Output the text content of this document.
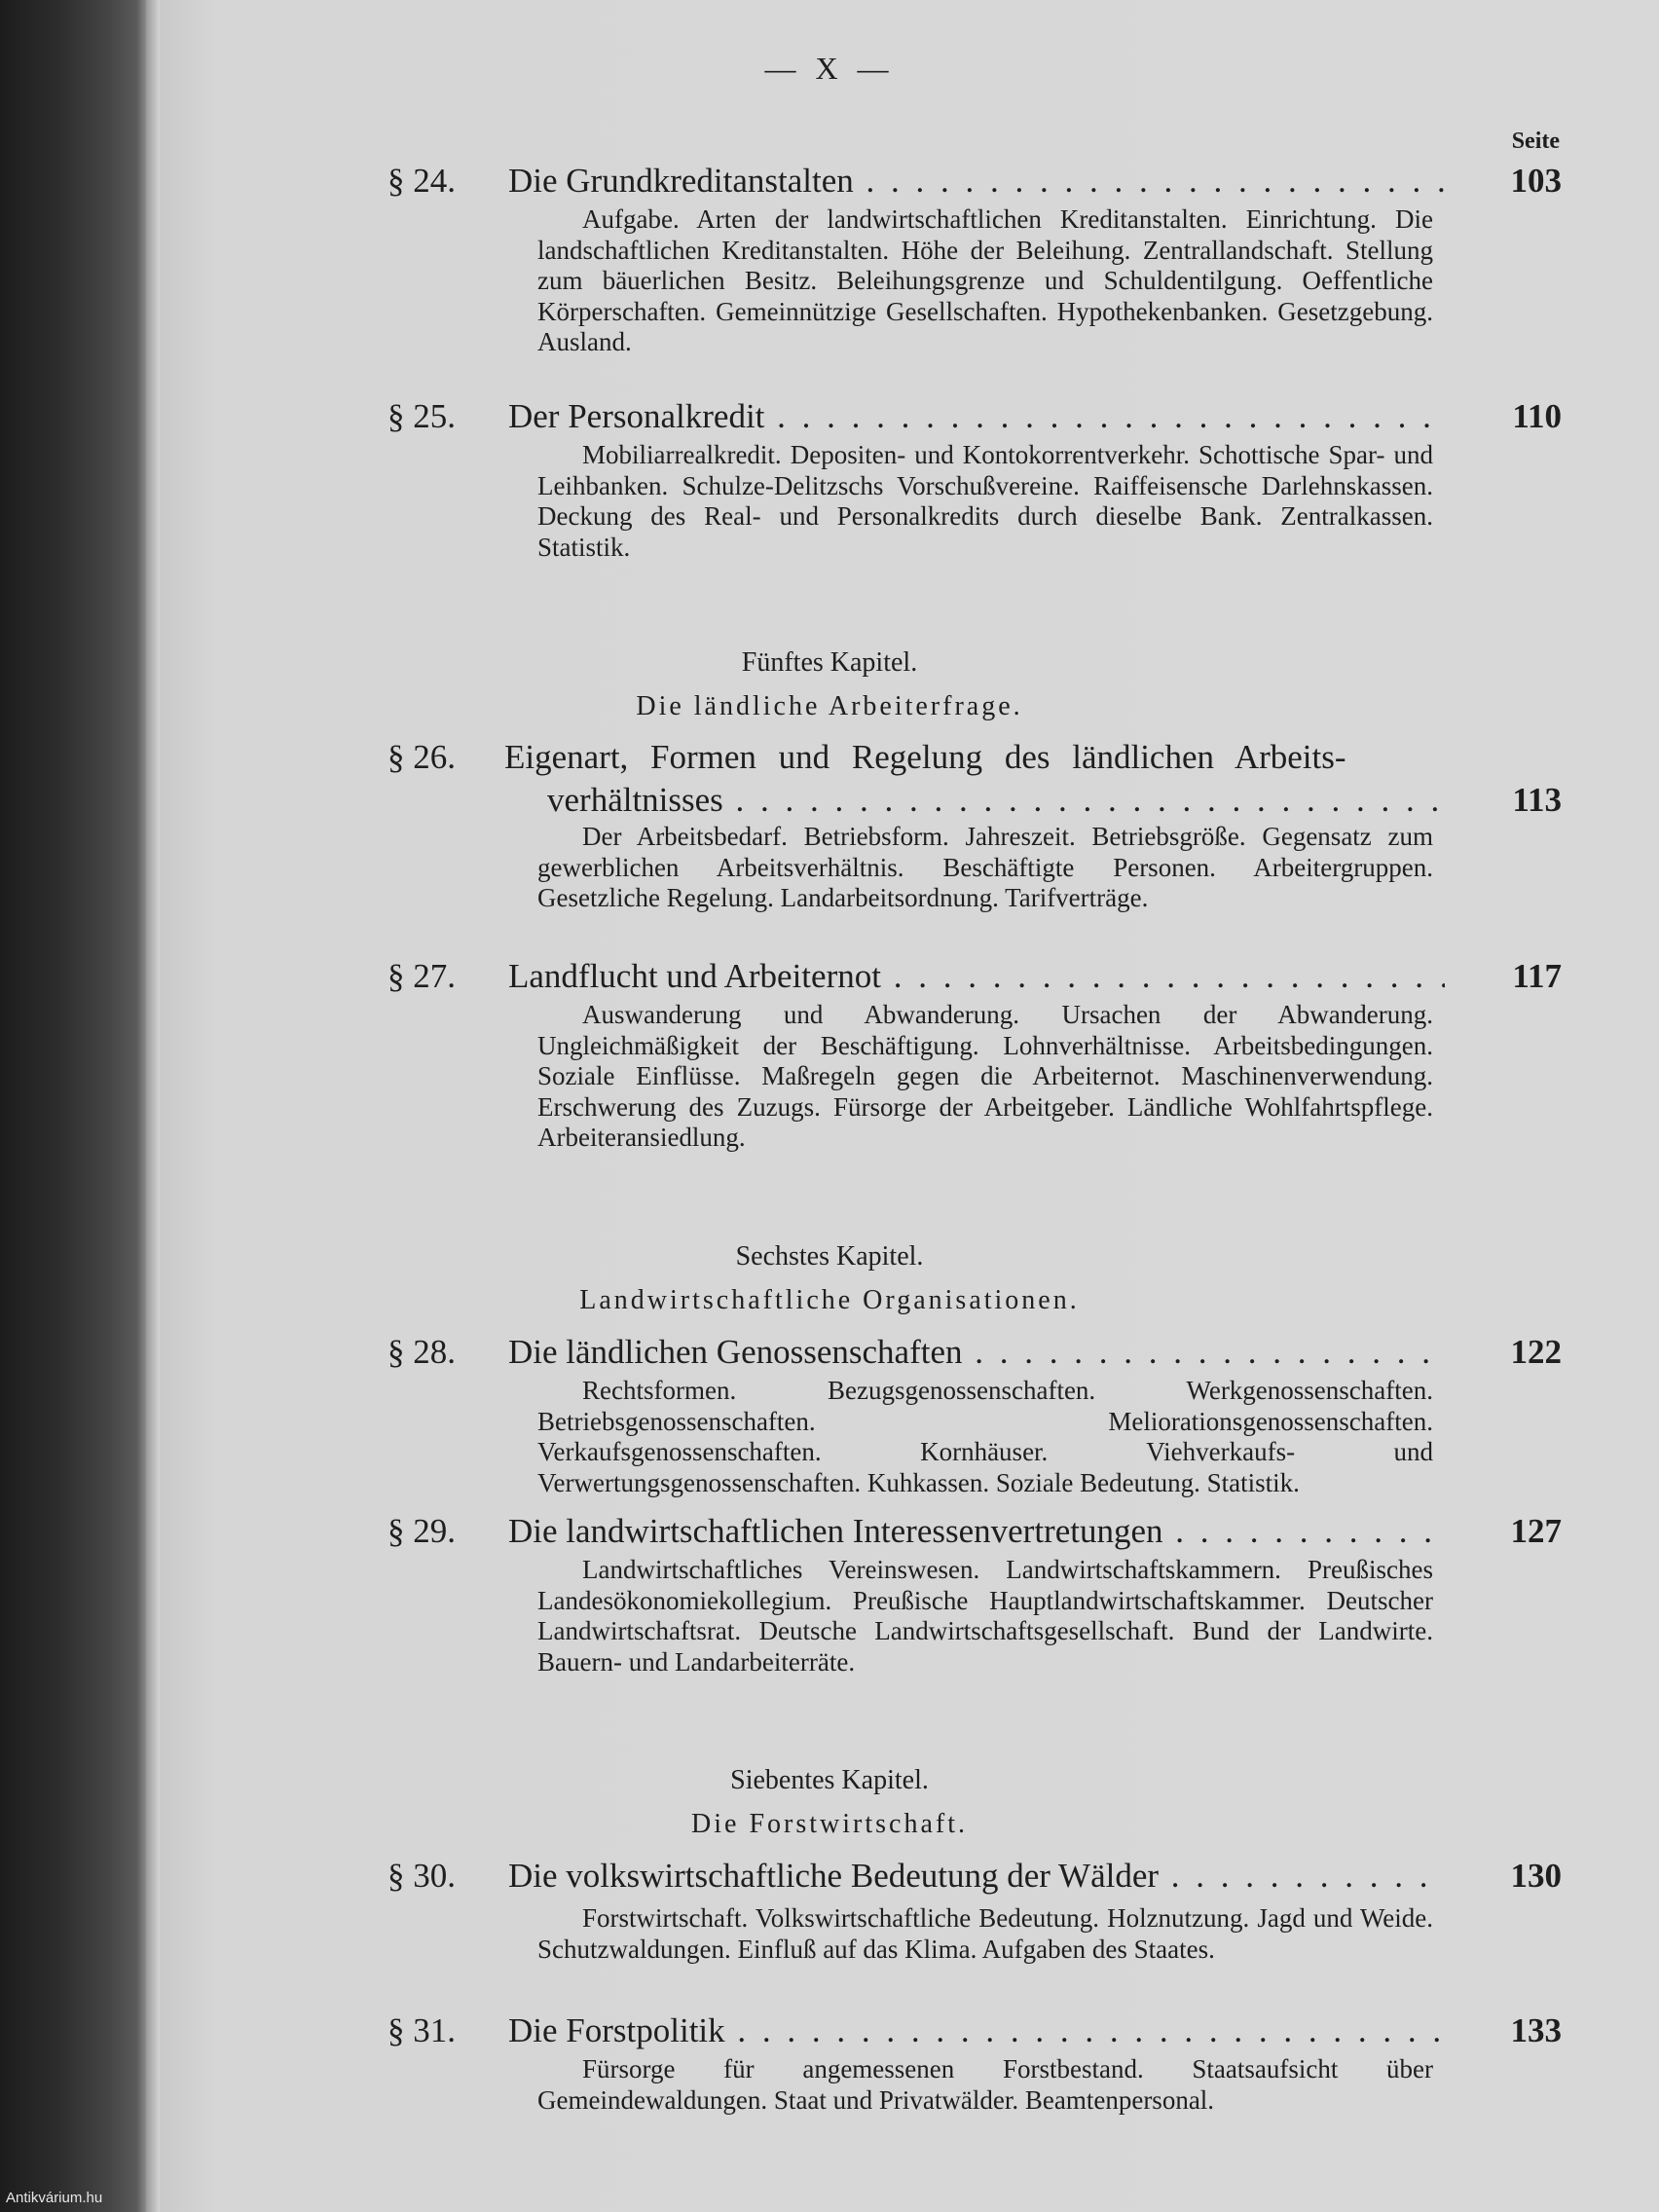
— X —
Seite
§ 24. Die Grundkreditanstalten . . .	103

Aufgabe. Arten der landwirtschaftlichen Kreditanstalten. Einrichtung. Die landschaftlichen Kreditanstalten. Höhe der Beleihung. Zentrallandschaft. Stellung zum bäuerlichen Besitz. Beleihungsgrenze und Schuldentilgung. Oeffentliche Körperschaften. Gemeinnützige Gesellschaften. Hypothekenbanken. Gesetzgebung. Ausland.

§ 25. Der Personalkredit . . .	110

Mobiliarrealkredit. Depositen- und Kontokorrentverkehr. Schottische Spar- und Leihbanken. Schulze-Delitzschs Vorschußvereine. Raiffeisensche Darlehnskassen. Deckung des Real- und Personalkredits durch dieselbe Bank. Zentralkassen. Statistik.

Fünftes Kapitel.
Die ländliche Arbeiterfrage.
§ 26. Eigenart, Formen und Regelung des ländlichen Arbeits-
verhältnisses . . .	113

Der Arbeitsbedarf. Betriebsform. Jahreszeit. Betriebsgröße. Gegensatz zum gewerblichen Arbeitsverhältnis. Beschäftigte Personen. Arbeitergruppen. Gesetzliche Regelung. Landarbeitsordnung. Tarifverträge.

§ 27. Landflucht und Arbeiternot . . .	117

Auswanderung und Abwanderung. Ursachen der Abwanderung. Ungleichmäßigkeit der Beschäftigung. Lohnverhältnisse. Arbeitsbedingungen. Soziale Einflüsse. Maßregeln gegen die Arbeiternot. Maschinenverwendung. Erschwerung des Zuzugs. Fürsorge der Arbeitgeber. Ländliche Wohlfahrtspflege. Arbeiteransiedlung.

Sechstes Kapitel.
Landwirtschaftliche Organisationen.
§ 28. Die ländlichen Genossenschaften . . .	122

Rechtsformen. Bezugsgenossenschaften. Werkgenossenschaften. Betriebsgenossenschaften. Meliorationsgenossenschaften. Verkaufsgenossenschaften. Kornhäuser. Viehverkaufs- und Verwertungsgenossenschaften. Kuhkassen. Soziale Bedeutung. Statistik.

§ 29. Die landwirtschaftlichen Interessenvertretungen . . .	127

Landwirtschaftliches Vereinswesen. Landwirtschaftskammern. Preußisches Landesökonomiekollegium. Preußische Hauptlandwirtschaftskammer. Deutscher Landwirtschaftsrat. Deutsche Landwirtschaftsgesellschaft. Bund der Landwirte. Bauern- und Landarbeiterräte.

Siebentes Kapitel.
Die Forstwirtschaft.
§ 30. Die volkswirtschaftliche Bedeutung der Wälder . . .	130

Forstwirtschaft. Volkswirtschaftliche Bedeutung. Holznutzung. Jagd und Weide. Schutzwaldungen. Einfluß auf das Klima. Aufgaben des Staates.

§ 31. Die Forstpolitik . . .	133

Fürsorge für angemessenen Forstbestand. Staatsaufsicht über Gemeindewaldungen. Staat und Privatwälder. Beamtenpersonal.

Antikvárium.hu
